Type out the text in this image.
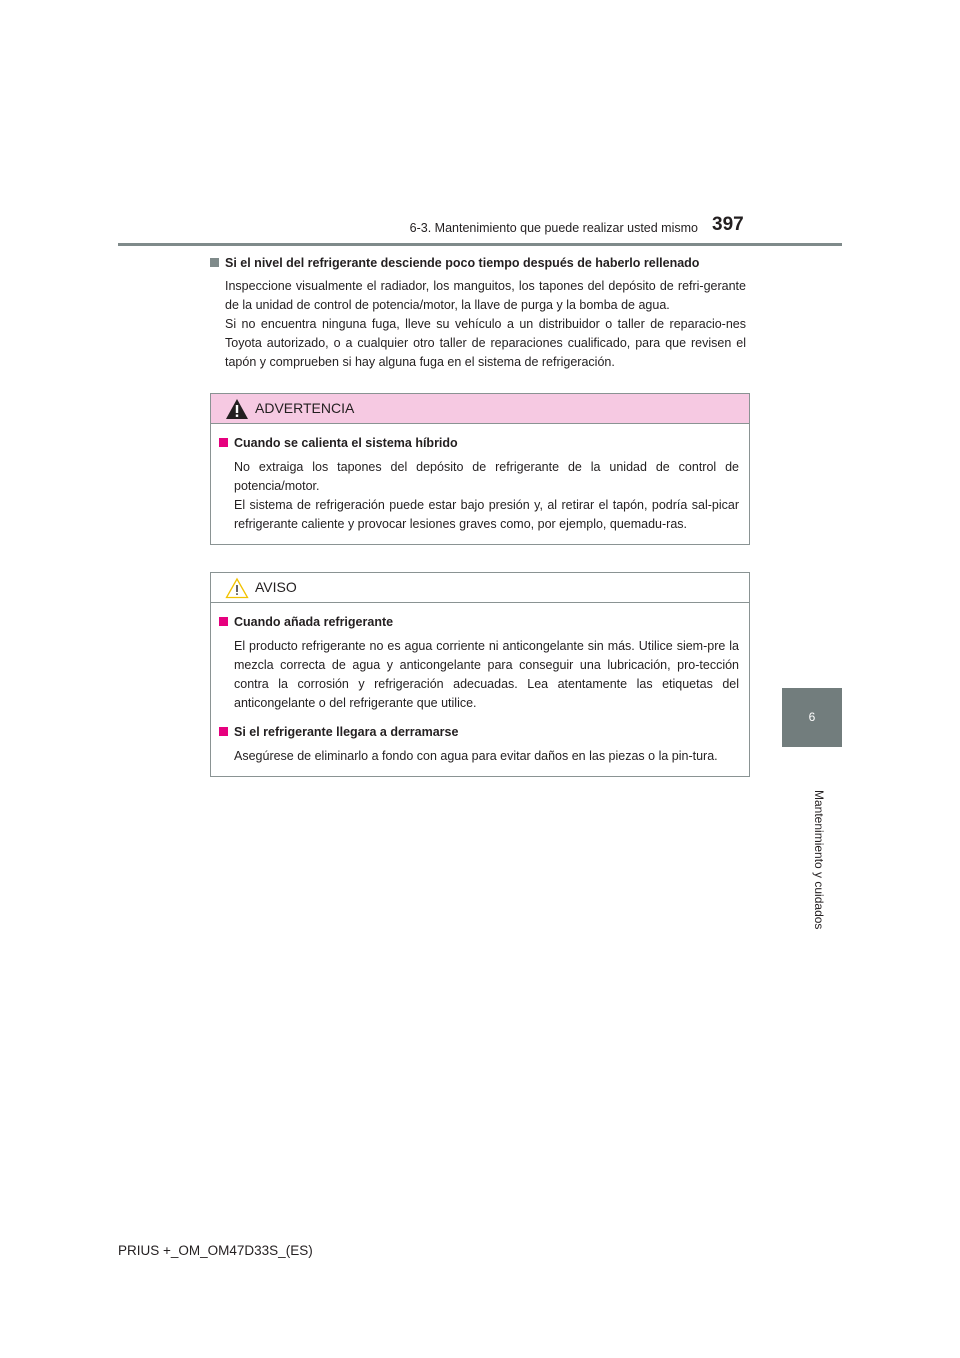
6-3. Mantenimiento que puede realizar usted mismo 397
6
Mantenimiento y cuidados
Si el nivel del refrigerante desciende poco tiempo después de haberlo rellenado

Inspeccione visualmente el radiador, los manguitos, los tapones del depósito de refri-gerante de la unidad de control de potencia/motor, la llave de purga y la bomba de agua.

Si no encuentra ninguna fuga, lleve su vehículo a un distribuidor o taller de reparacio-nes Toyota autorizado, o a cualquier otro taller de reparaciones cualificado, para que revisen el tapón y comprueben si hay alguna fuga en el sistema de refrigeración.

ADVERTENCIA
Cuando se calienta el sistema híbrido

No extraiga los tapones del depósito de refrigerante de la unidad de control de potencia/motor.

El sistema de refrigeración puede estar bajo presión y, al retirar el tapón, podría sal-picar refrigerante caliente y provocar lesiones graves como, por ejemplo, quemadu-ras.

AVISO
Cuando añada refrigerante

El producto refrigerante no es agua corriente ni anticongelante sin más. Utilice siem-pre la mezcla correcta de agua y anticongelante para conseguir una lubricación, pro-tección contra la corrosión y refrigeración adecuadas. Lea atentamente las etiquetas del anticongelante o del refrigerante que utilice.

Si el refrigerante llegara a derramarse

Asegúrese de eliminarlo a fondo con agua para evitar daños en las piezas o la pin-tura.

PRIUS +_OM_OM47D33S_(ES)
